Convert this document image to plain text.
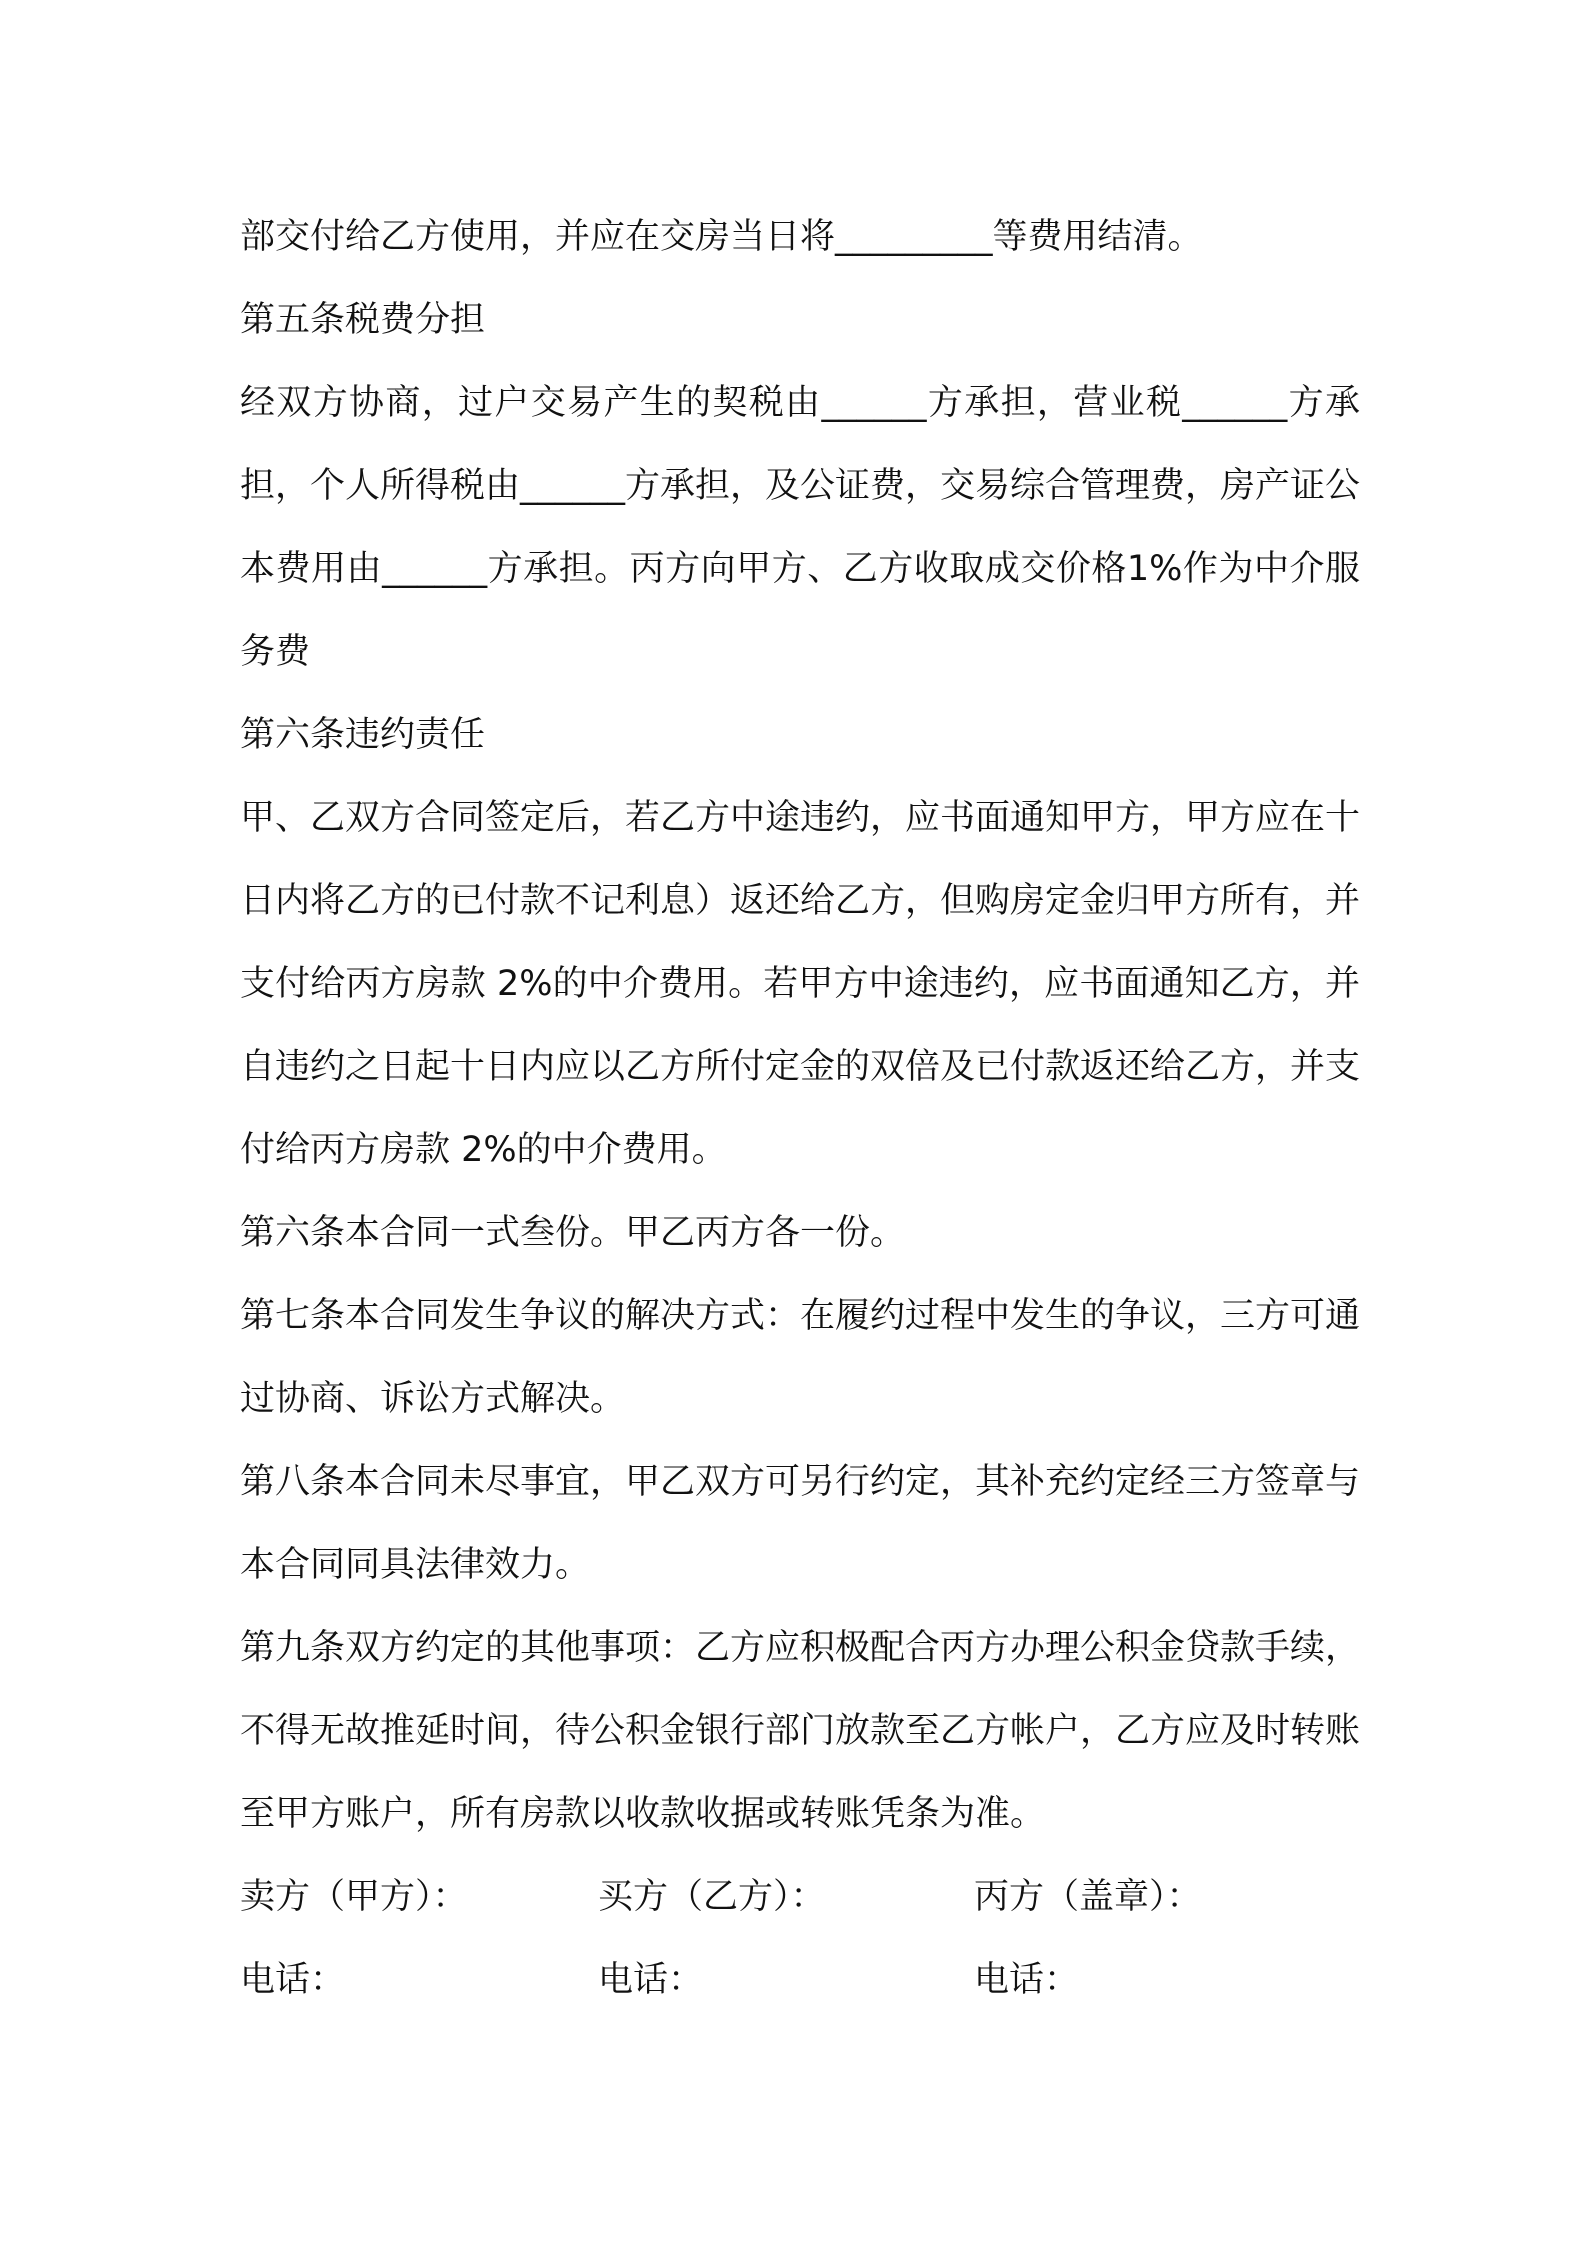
部交付给乙方使用，并应在交房当日将_________等费用结清。

第五条税费分担

经双方协商，过户交易产生的契税由______方承担，营业税______方承担，个人所得税由______方承担，及公证费，交易综合管理费，房产证公本费用由______方承担。丙方向甲方、乙方收取成交价格1%作为中介服务费

第六条违约责任

甲、乙双方合同签定后，若乙方中途违约，应书面通知甲方，甲方应在十日内将乙方的已付款不记利息）返还给乙方，但购房定金归甲方所有，并支付给丙方房款 2%的中介费用。若甲方中途违约，应书面通知乙方，并自违约之日起十日内应以乙方所付定金的双倍及已付款返还给乙方，并支付给丙方房款 2%的中介费用。

第六条本合同一式叁份。甲乙丙方各一份。

第七条本合同发生争议的解决方式：在履约过程中发生的争议，三方可通过协商、诉讼方式解决。

第八条本合同未尽事宜，甲乙双方可另行约定，其补充约定经三方签章与本合同同具法律效力。

第九条双方约定的其他事项：乙方应积极配合丙方办理公积金贷款手续，不得无故推延时间，待公积金银行部门放款至乙方帐户，乙方应及时转账至甲方账户，所有房款以收款收据或转账凭条为准。

卖方（甲方）：	买方（乙方）：	丙方（盖章）：
电话：	电话：	电话：
